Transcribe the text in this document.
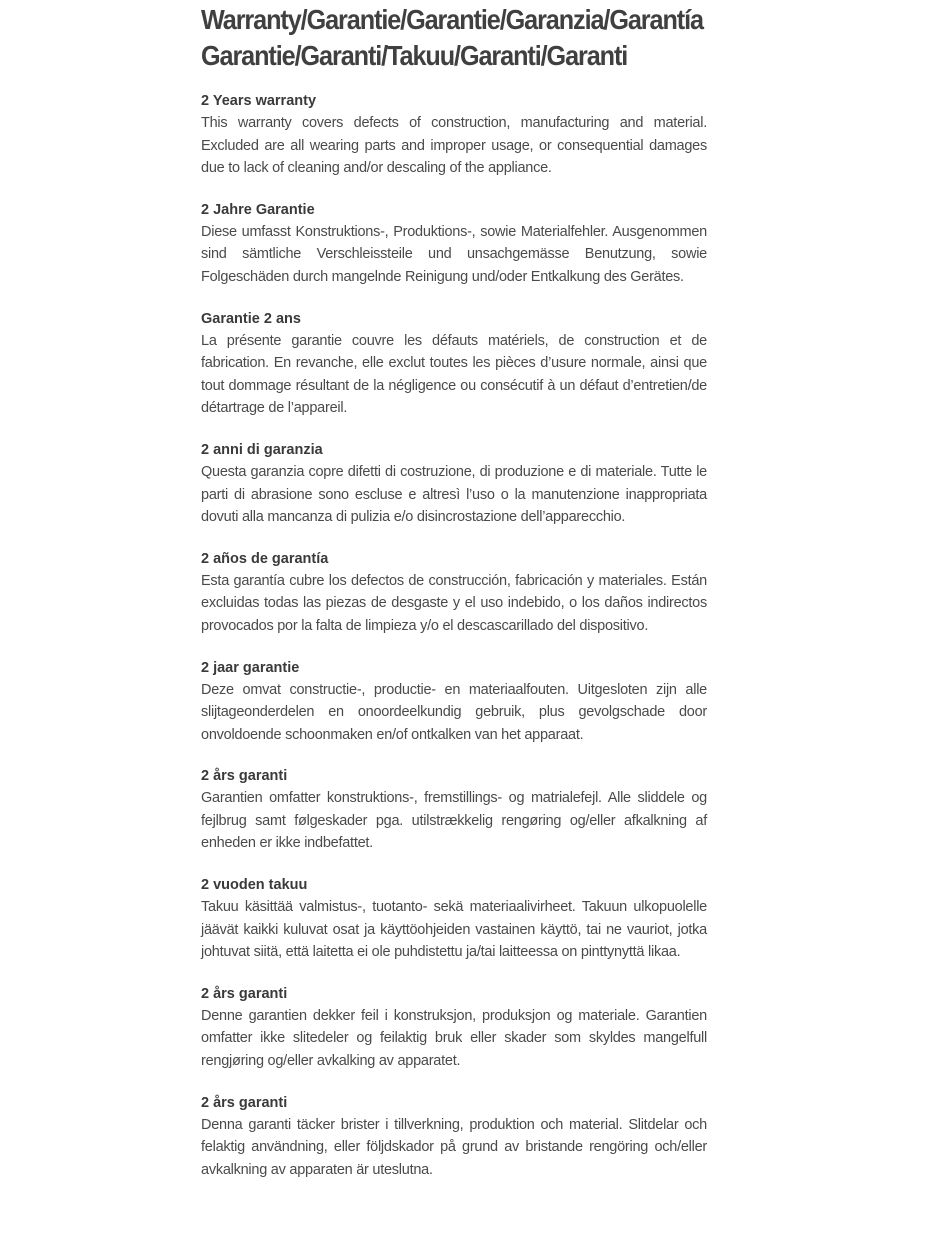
Warranty/Garantie/Garantie/Garanzia/Garantía
Garantie/Garanti/Takuu/Garanti/Garanti

2 Years warranty

This warranty covers defects of construction, manufacturing and material. Excluded are all wearing parts and improper usage, or consequential damages due to lack of cleaning and/or descaling of the appliance.

2 Jahre Garantie

Diese umfasst Konstruktions-, Produktions-, sowie Materialfehler. Ausgenommen sind sämtliche Verschleissteile und unsachgemässe Benutzung, sowie Folgeschäden durch mangelnde Reinigung und/oder Entkalkung des Gerätes.

Garantie 2 ans

La présente garantie couvre les défauts matériels, de construction et de fabrication. En revanche, elle exclut toutes les pièces d’usure normale, ainsi que tout dommage résultant de la négligence ou consécutif à un défaut d’entretien/de détartrage de l’appareil.

2 anni di garanzia

Questa garanzia copre difetti di costruzione, di produzione e di materiale. Tutte le parti di abrasione sono escluse e altresì l’uso o la manutenzione inappropriata dovuti alla mancanza di pulizia e/o disincrostazione dell’apparecchio.

2 años de garantía

Esta garantía cubre los defectos de construcción, fabricación y materiales. Están excluidas todas las piezas de desgaste y el uso indebido, o los daños indirectos provocados por la falta de limpieza y/o el descascarillado del dispositivo.

2 jaar garantie

Deze omvat constructie-, productie- en materiaalfouten. Uitgesloten zijn alle slijtageonderdelen en onoordeelkundig gebruik, plus gevolgschade door onvoldoende schoonmaken en/of ontkalken van het apparaat.

2 års garanti

Garantien omfatter konstruktions-, fremstillings- og matrialefejl. Alle sliddele og fejlbrug samt følgeskader pga. utilstrækkelig rengøring og/eller afkalkning af enheden er ikke indbefattet.

2 vuoden takuu

Takuu käsittää valmistus-, tuotanto- sekä materiaalivirheet. Takuun ulkopuolelle jäävät kaikki kuluvat osat ja käyttöohjeiden vastainen käyttö, tai ne vauriot, jotka johtuvat siitä, että laitetta ei ole puhdistettu ja/tai laitteessa on pinttynyttä likaa.

2 års garanti

Denne garantien dekker feil i konstruksjon, produksjon og materiale. Garantien omfatter ikke slitedeler og feilaktig bruk eller skader som skyldes mangelfull rengjøring og/eller avkalking av apparatet.

2 års garanti

Denna garanti täcker brister i tillverkning, produktion och material. Slitdelar och felaktig användning, eller följdskador på grund av bristande rengöring och/eller avkalkning av apparaten är uteslutna.
